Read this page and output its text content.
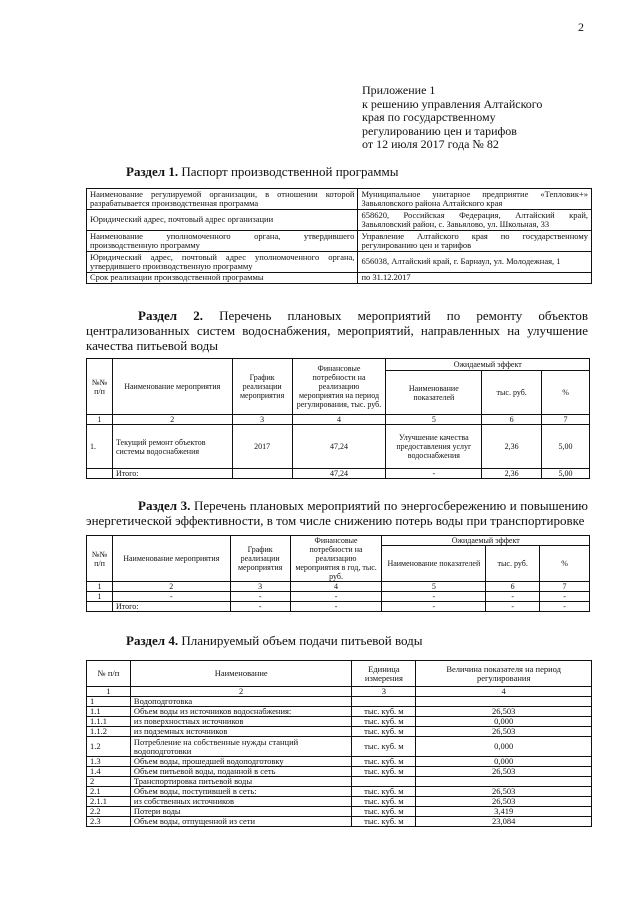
2
Приложение 1
к решению управления Алтайского
края по государственному
регулированию цен и тарифов
от 12 июля 2017 года № 82
Раздел 1. Паспорт производственной программы
Наименование регулируемой организации, в отношении которой разрабатывается производственная программа	Муниципальное унитарное предприятие «Тепловик+» Завьяловского района Алтайского края
Юридический адрес, почтовый адрес организации	658620, Российская Федерация, Алтайский край, Завьяловский район, с. Завьялово, ул. Школьная, 33
Наименование уполномоченного органа, утвердившего производственную программу	Управление Алтайского края по государственному регулированию цен и тарифов
Юридический адрес, почтовый адрес уполномоченного органа, утвердившего производственную программу	656038, Алтайский край, г. Барнаул, ул. Молодежная, 1
Срок реализации производственной программы	по 31.12.2017
Раздел 2. Перечень плановых мероприятий по ремонту объектов централизованных систем водоснабжения, мероприятий, направленных на улучшение качества питьевой воды
№№ п/п	Наименование мероприятия	График реализации мероприятия	Финансовые потребности на реализацию мероприятия на период регулирования, тыс. руб.	Ожидаемый эффект		
				Наименование показателей	тыс. руб.	%
1	2	3	4	5	6	7
1.	Текущий ремонт объектов системы водоснабжения	2017	47,24	Улучшение качества предоставления услуг водоснабжения	2,36	5,00
	Итого:		47,24	-	2,36	5,00
Раздел 3. Перечень плановых мероприятий по энергосбережению и повышению энергетической эффективности, в том числе снижению потерь воды при транспортировке
№№ п/п	Наименование мероприятия	График реализации мероприятия	Финансовые потребности на реализацию мероприятия в год, тыс. руб.	Ожидаемый эффект		
				Наименование показателей	тыс. руб.	%
1	2	3	4	5	6	7
1	-	-	-	-	-	-
	Итого:	-	-	-	-	-
Раздел 4. Планируемый объем подачи питьевой воды
№ п/п	Наименование	Единица измерения	Величина показателя на период регулирования
1	2	3	4
1	Водоподготовка		
1.1	Объем воды из источников водоснабжения:	тыс. куб. м	26,503
1.1.1	из поверхностных источников	тыс. куб. м	0,000
1.1.2	из подземных источников	тыс. куб. м	26,503
1.2	Потребление на собственные нужды станций водоподготовки	тыс. куб. м	0,000
1.3	Объем воды, прошедшей водоподготовку	тыс. куб. м	0,000
1.4	Объем питьевой воды, поданной в сеть	тыс. куб. м	26,503
2	Транспортировка питьевой воды		
2.1	Объем воды, поступившей в сеть:	тыс. куб. м	26,503
2.1.1	из собственных источников	тыс. куб. м	26,503
2.2	Потери воды	тыс. куб. м	3,419
2.3	Объем воды, отпущенной из сети	тыс. куб. м	23,084
